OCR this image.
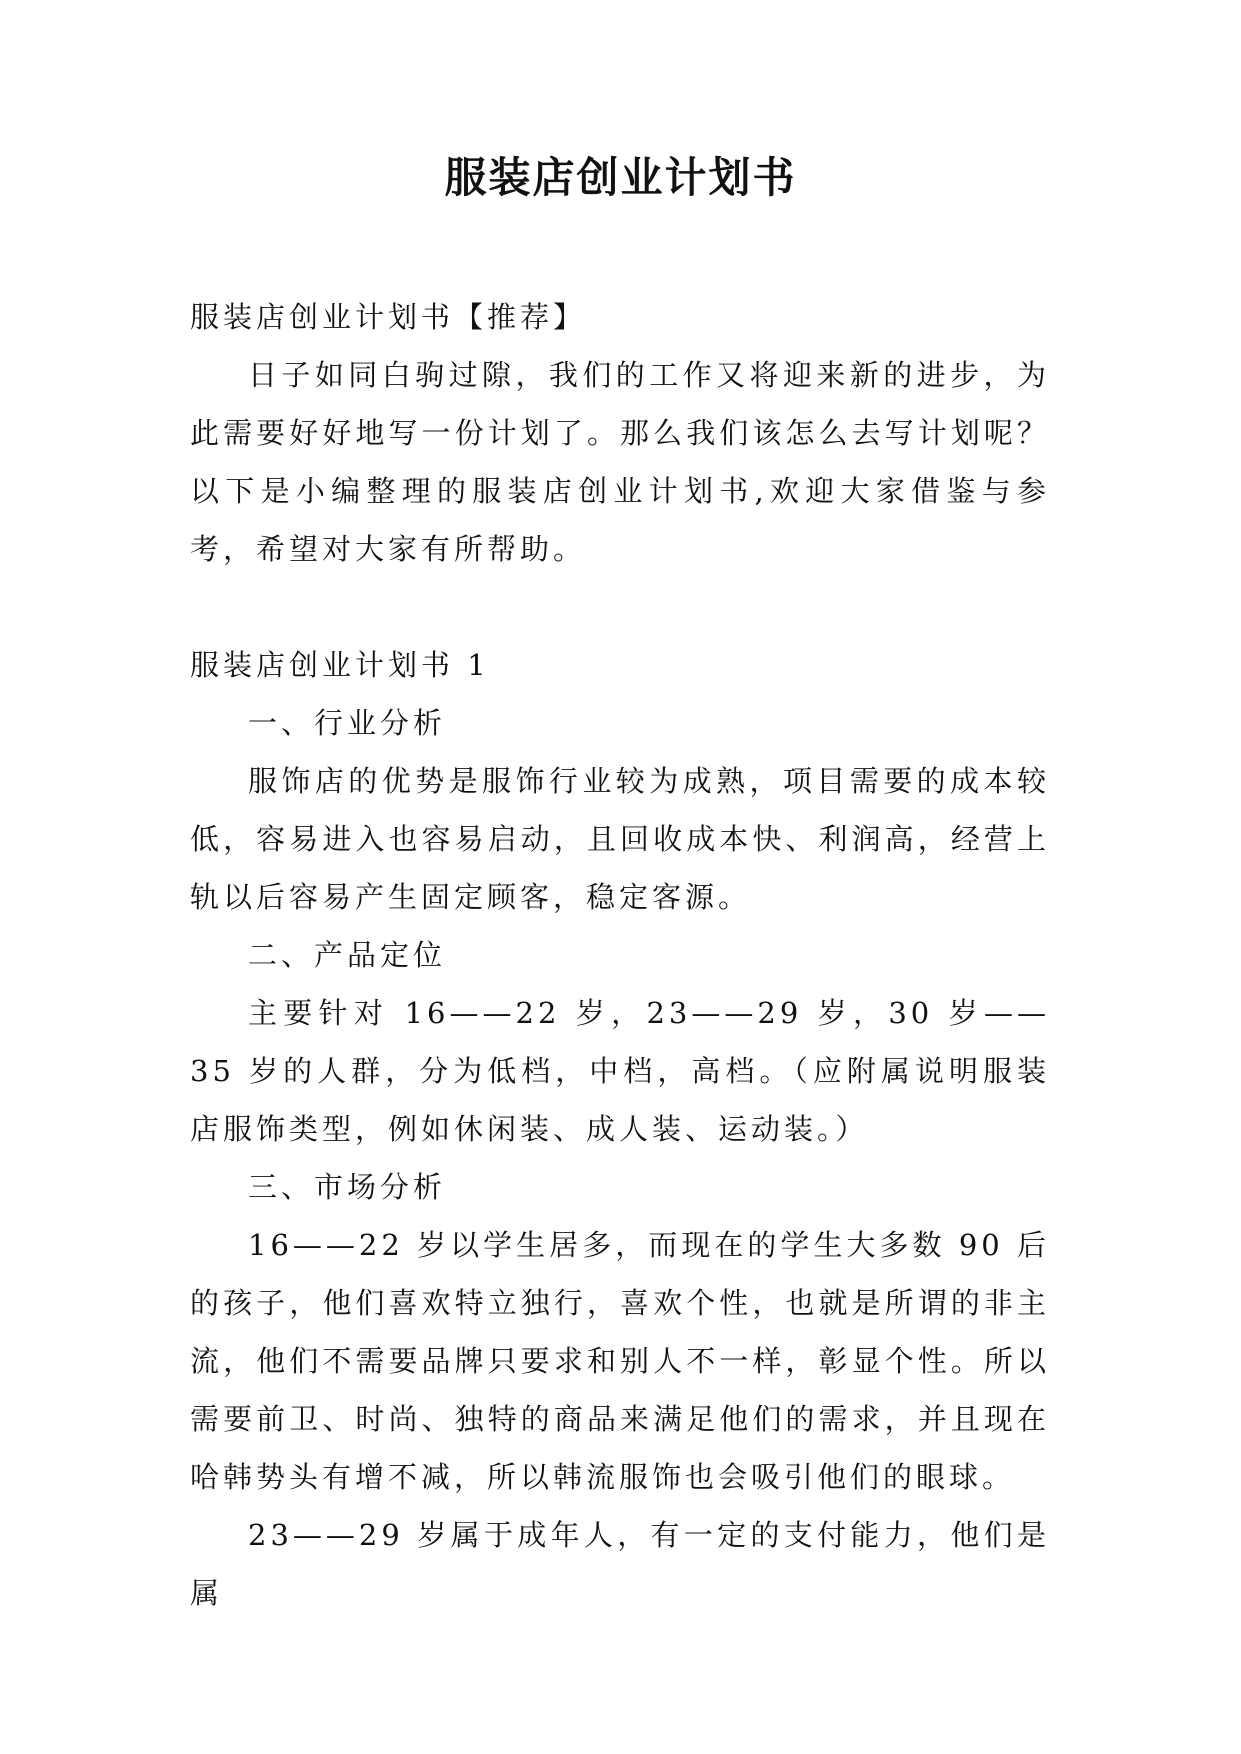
服装店创业计划书

服装店创业计划书【推荐】

日子如同白驹过隙，我们的工作又将迎来新的进步，为此需要好好地写一份计划了。那么我们该怎么去写计划呢？以下是小编整理的服装店创业计划书,欢迎大家借鉴与参考，希望对大家有所帮助。

服装店创业计划书 1

一、行业分析

服饰店的优势是服饰行业较为成熟，项目需要的成本较低，容易进入也容易启动，且回收成本快、利润高，经营上轨以后容易产生固定顾客，稳定客源。

二、产品定位

主要针对 16——22 岁，23——29 岁，30 岁——35 岁的人群，分为低档，中档，高档。（应附属说明服装店服饰类型，例如休闲装、成人装、运动装。）

三、市场分析

16——22 岁以学生居多，而现在的学生大多数 90 后的孩子，他们喜欢特立独行，喜欢个性，也就是所谓的非主流，他们不需要品牌只要求和别人不一样，彰显个性。所以需要前卫、时尚、独特的商品来满足他们的需求，并且现在哈韩势头有增不减，所以韩流服饰也会吸引他们的眼球。

23——29 岁属于成年人，有一定的支付能力，他们是属
